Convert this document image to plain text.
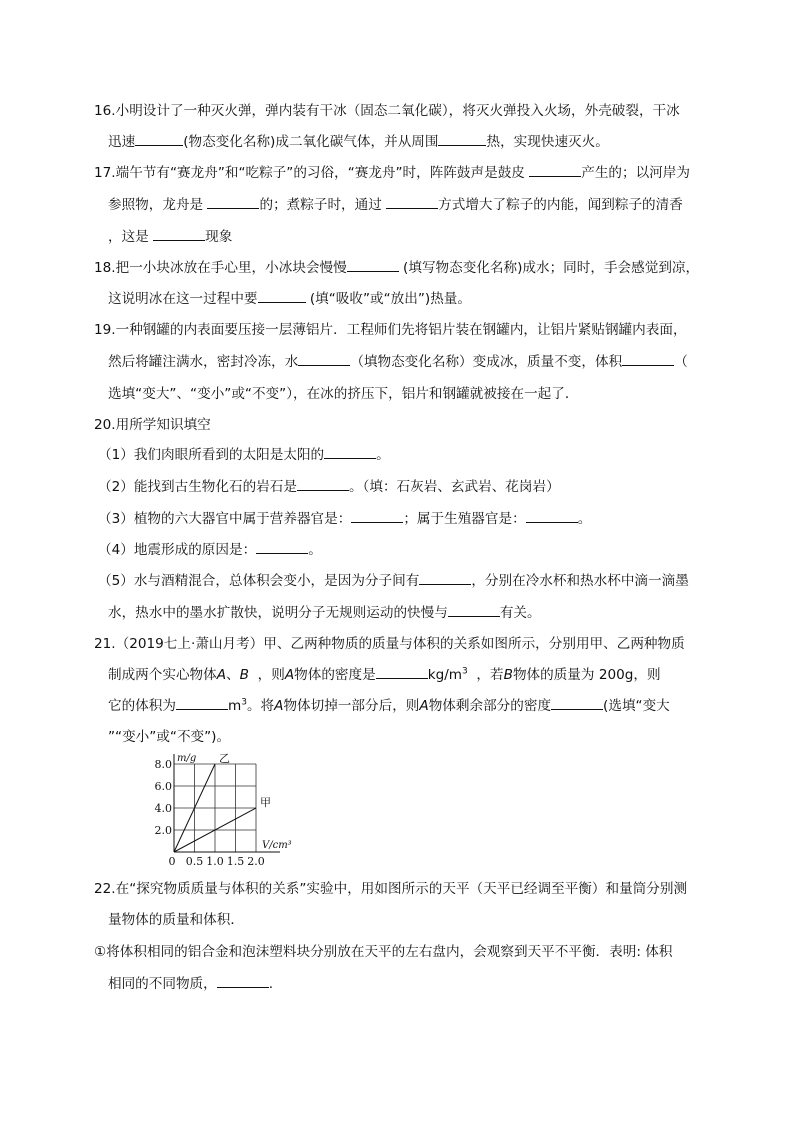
16.小明设计了一种灭火弹，弹内装有干冰（固态二氧化碳），将灭火弹投入火场，外壳破裂，干冰
迅速	(物态变化名称)成二氧化碳气体，并从周围	热，实现快速灭火。
17.端午节有“赛龙舟”和“吃粽子”的习俗，“赛龙舟”时，阵阵鼓声是鼓皮	产生的；以河岸为
参照物，龙舟是	的；煮粽子时，通过	方式增大了粽子的内能，闻到粽子的清香
，这是	现象
18.把一小块冰放在手心里，小冰块会慢慢	(填写物态变化名称)成水；同时，手会感觉到凉，
这说明冰在这一过程中要	(填“吸收”或“放出”)热量。
19.一种钢罐的内表面要压接一层薄铝片．工程师们先将铝片装在钢罐内，让铝片紧贴钢罐内表面，
然后将罐注满水，密封冷冻，水	（填物态变化名称）变成冰，质量不变，体积	（
选填“变大”、“变小”或“不变”），在冰的挤压下，铝片和钢罐就被接在一起了．
20.用所学知识填空
（1）我们肉眼所看到的太阳是太阳的	。
（2）能找到古生物化石的岩石是	。（填：石灰岩、玄武岩、花岗岩）
（3）植物的六大器官中属于营养器官是：	；属于生殖器官是：	。
（4）地震形成的原因是：	。
（5）水与酒精混合，总体积会变小，是因为分子间有	，分别在冷水杯和热水杯中滴一滴墨
水，热水中的墨水扩散快，说明分子无规则运动的快慢与	有关。
21.（2019七上·萧山月考）甲、乙两种物质的质量与体积的关系如图所示，分别用甲、乙两种物质
制成两个实心物体A、B ，则A物体的密度是	$kg/m^3$ ，若B物体的质量为 200g，则
它的体积为	$m^3$。将A物体切掉一部分后，则A物体剩余部分的密度	(选填“变大
”“变小”或“不变”)。
2.0
4.0
6.0
8.0
0.5 1.0 1.5 2.0
0
m/g
V/cm³
乙
甲
22.在“探究物质质量与体积的关系”实验中，用如图所示的天平（天平已经调至平衡）和量筒分别测
量物体的质量和体积．
①将体积相同的铝合金和泡沫塑料块分别放在天平的左右盘内，会观察到天平不平衡．表明: 体积
相同的不同物质，	.
